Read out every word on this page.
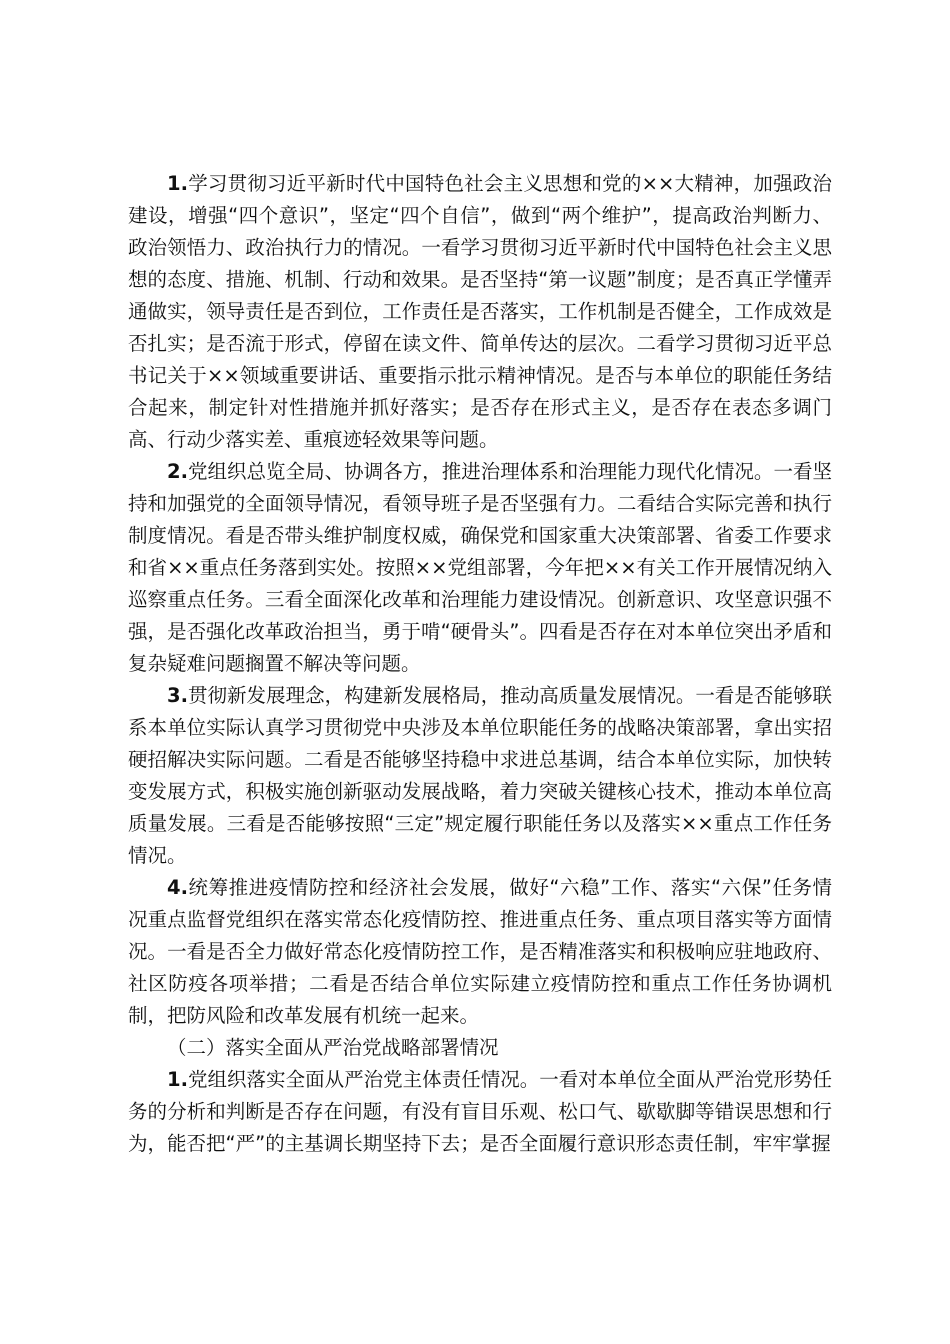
1.学习贯彻习近平新时代中国特色社会主义思想和党的××大精神，加强政治建设，增强“四个意识”，坚定“四个自信”，做到“两个维护”，提高政治判断力、政治领悟力、政治执行力的情况。一看学习贯彻习近平新时代中国特色社会主义思想的态度、措施、机制、行动和效果。是否坚持“第一议题”制度；是否真正学懂弄通做实，领导责任是否到位，工作责任是否落实，工作机制是否健全，工作成效是否扎实；是否流于形式，停留在读文件、简单传达的层次。二看学习贯彻习近平总书记关于××领域重要讲话、重要指示批示精神情况。是否与本单位的职能任务结合起来，制定针对性措施并抓好落实；是否存在形式主义，是否存在表态多调门高、行动少落实差、重痕迹轻效果等问题。

2.党组织总览全局、协调各方，推进治理体系和治理能力现代化情况。一看坚持和加强党的全面领导情况，看领导班子是否坚强有力。二看结合实际完善和执行制度情况。看是否带头维护制度权威，确保党和国家重大决策部署、省委工作要求和省××重点任务落到实处。按照××党组部署，今年把××有关工作开展情况纳入巡察重点任务。三看全面深化改革和治理能力建设情况。创新意识、攻坚意识强不强，是否强化改革政治担当，勇于啃“硬骨头”。四看是否存在对本单位突出矛盾和复杂疑难问题搁置不解决等问题。

3.贯彻新发展理念，构建新发展格局，推动高质量发展情况。一看是否能够联系本单位实际认真学习贯彻党中央涉及本单位职能任务的战略决策部署，拿出实招硬招解决实际问题。二看是否能够坚持稳中求进总基调，结合本单位实际，加快转变发展方式，积极实施创新驱动发展战略，着力突破关键核心技术，推动本单位高质量发展。三看是否能够按照“三定”规定履行职能任务以及落实××重点工作任务情况。

4.统筹推进疫情防控和经济社会发展，做好“六稳”工作、落实“六保”任务情况重点监督党组织在落实常态化疫情防控、推进重点任务、重点项目落实等方面情况。一看是否全力做好常态化疫情防控工作，是否精准落实和积极响应驻地政府、社区防疫各项举措；二看是否结合单位实际建立疫情防控和重点工作任务协调机制，把防风险和改革发展有机统一起来。

（二）落实全面从严治党战略部署情况

1.党组织落实全面从严治党主体责任情况。一看对本单位全面从严治党形势任务的分析和判断是否存在问题，有没有盲目乐观、松口气、歇歇脚等错误思想和行为，能否把“严”的主基调长期坚持下去；是否全面履行意识形态责任制，牢牢掌握
